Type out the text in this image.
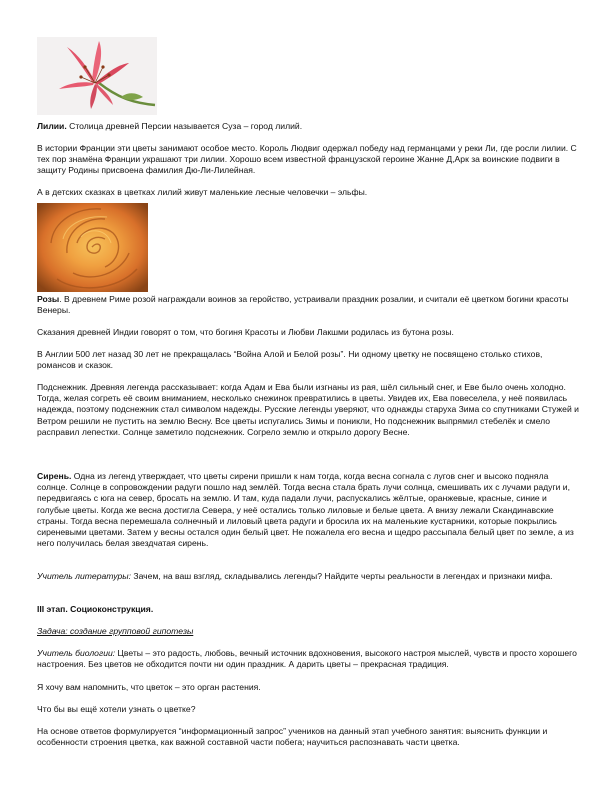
Лилии. Столица древней Персии называется Суза – город лилий.

В истории Франции эти цветы занимают особое место. Король Людвиг одержал победу над германцами у реки Ли, где росли лилии. С тех пор знамёна Франции украшают три лилии. Хорошо всем известной французской героине Жанне Д,Арк за воинские подвиги в защиту Родины присвоена фамилия Дю-Ли-Лилейная.

А в детских сказках в цветках лилий живут маленькие лесные человечки – эльфы.

Розы. В древнем Риме розой награждали воинов за геройство, устраивали праздник розалии, и считали её цветком богини красоты Венеры.

Сказания древней Индии говорят о том, что богиня Красоты и Любви Лакшми родилась из бутона розы.

В Англии 500 лет назад 30 лет не прекращалась “Война Алой и Белой розы”. Ни одному цветку не посвящено столько стихов, романсов и сказок.

Подснежник. Древняя легенда рассказывает: когда Адам и Ева были изгнаны из рая, шёл сильный снег, и Еве было очень холодно. Тогда, желая согреть её своим вниманием, несколько снежинок превратились в цветы. Увидев их, Ева повеселела, у неё появилась надежда, поэтому подснежник стал символом надежды. Русские легенды уверяют, что однажды старуха Зима со спутниками Стужей и Ветром решили не пустить на землю Весну. Все цветы испугались Зимы и поникли, Но подснежник выпрямил стебелёк и смело расправил лепестки. Солнце заметило подснежник. Согрело землю и открыло дорогу Весне.

Сирень. Одна из легенд утверждает, что цветы сирени пришли к нам тогда, когда весна согнала с лугов снег и высоко подняла солнце. Солнце в сопровождении радуги пошло над землёй. Тогда весна стала брать лучи солнца, смешивать их с лучами радуги и, передвигаясь с юга на север, бросать на землю. И там, куда падали лучи, распускались жёлтые, оранжевые, красные, синие и голубые цветы. Когда же весна достигла Севера, у неё остались только лиловые и белые цвета. А внизу лежали Скандинавские страны. Тогда весна перемешала солнечный и лиловый цвета радуги и бросила их на маленькие кустарники, которые покрылись сиреневыми цветами. Затем у весны остался один белый цвет. Не пожалела его весна и щедро рассыпала белый цвет по земле, а из него получилась белая звездчатая сирень.

Учитель литературы: Зачем, на ваш взгляд, складывались легенды? Найдите черты реальности в легендах и признаки мифа.

III этап. Социоконструкция.

Задача: создание групповой гипотезы

Учитель биологии: Цветы – это радость, любовь, вечный источник вдохновения, высокого настроя мыслей, чувств и просто хорошего настроения. Без цветов не обходится почти ни один праздник. А дарить цветы – прекрасная традиция.

Я хочу вам напомнить, что цветок – это орган растения.

Что бы вы ещё хотели узнать о цветке?

На основе ответов формулируется “информационный запрос” учеников на данный этап учебного занятия: выяснить функции и особенности строения цветка, как важной составной части побега; научиться распознавать части цветка.
